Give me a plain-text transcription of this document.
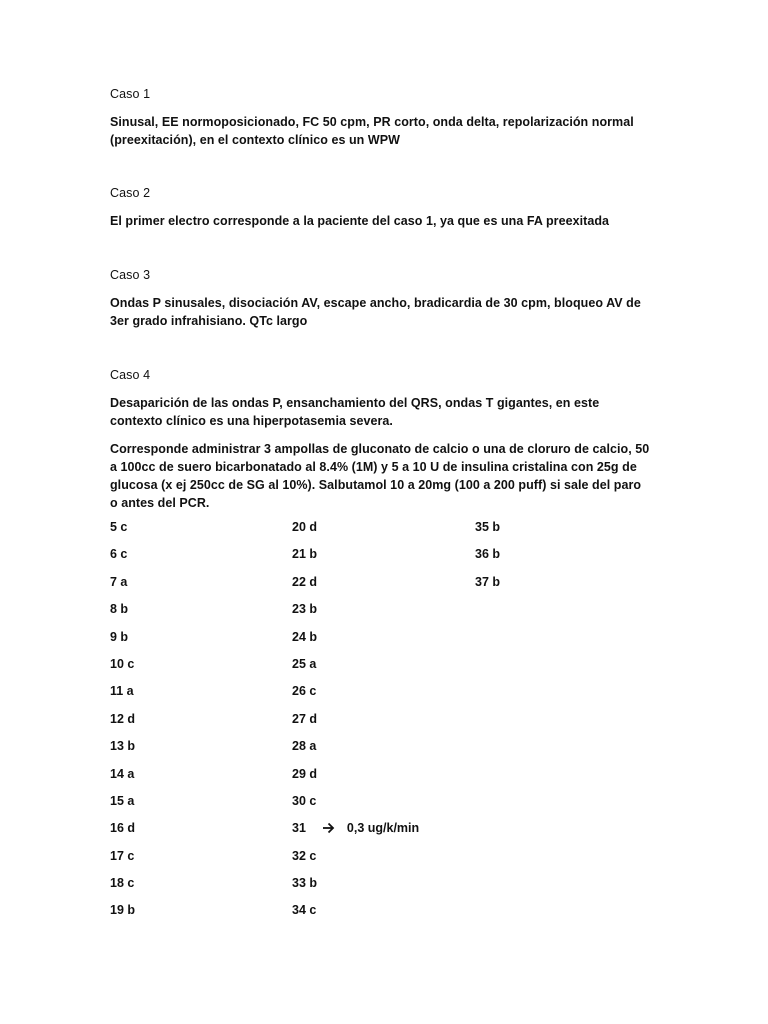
Caso 1
Sinusal, EE normoposicionado, FC 50 cpm, PR corto, onda delta, repolarización normal (preexitación), en el contexto clínico es un WPW
Caso 2
El primer electro corresponde a la paciente del caso 1, ya que es una FA preexitada
Caso 3
Ondas P sinusales, disociación AV, escape ancho, bradicardia de 30 cpm, bloqueo AV de 3er grado infrahisiano. QTc largo
Caso 4
Desaparición de las ondas P, ensanchamiento del QRS, ondas T gigantes, en este contexto clínico es una hiperpotasemia severa.
Corresponde administrar 3 ampollas de gluconato de calcio o una de cloruro de calcio, 50 a 100cc de suero bicarbonatado al 8.4% (1M) y 5 a 10 U de insulina cristalina con 25g de glucosa (x ej 250cc de SG al 10%). Salbutamol 10 a 20mg (100 a 200 puff) si sale del paro o antes del PCR.
5 c
6 c
7 a
8 b
9 b
10 c
11 a
12 d
13 b
14 a
15 a
16 d
17 c
18 c
19 b
20 d
21 b
22 d
23 b
24 b
25 a
26 c
27 d
28 a
29 d
30 c
31	0,3 ug/k/min
32 c
33 b
34 c
35 b
36 b
37 b
